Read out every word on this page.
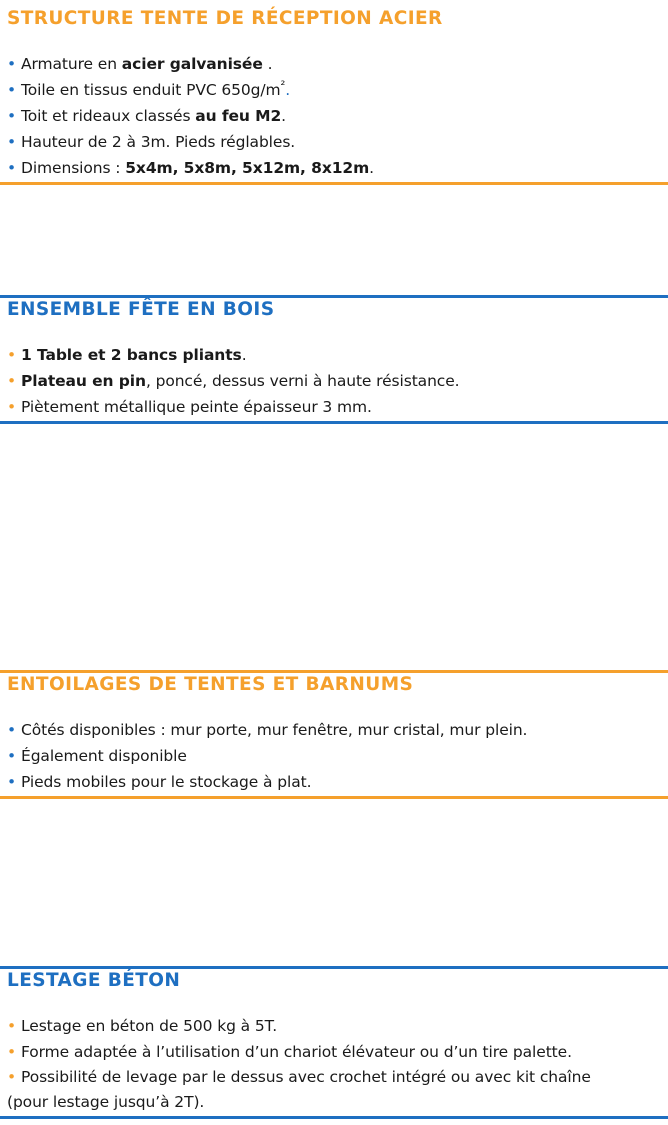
STRUCTURE TENTE DE RÉCEPTION ACIER
• Armature en acier galvanisée .
• Toile en tissus enduit PVC $650g/m^{^2}$.
• Toit et rideaux classés au feu M2.
• Hauteur de 2 à 3m. Pieds réglables.
• Dimensions : 5x4m, 5x8m, 5x12m, 8x12m.
ENSEMBLE FÊTE EN BOIS
• 1 Table et 2 bancs pliants.
• Plateau en pin, poncé, dessus verni à haute résistance.
• Piètement métallique peinte épaisseur 3 mm.
ENTOILAGES DE TENTES ET BARNUMS
• Côtés disponibles : mur porte, mur fenêtre, mur cristal, mur plein.
• Également disponible
• Pieds mobiles pour le stockage à plat.
LESTAGE BÉTON
• Lestage en béton de 500 kg à 5T.
• Forme adaptée à l’utilisation d’un chariot élévateur ou d’un tire palette.
• Possibilité de levage par le dessus avec crochet intégré ou avec kit chaîne
(pour lestage jusqu’à 2T).
